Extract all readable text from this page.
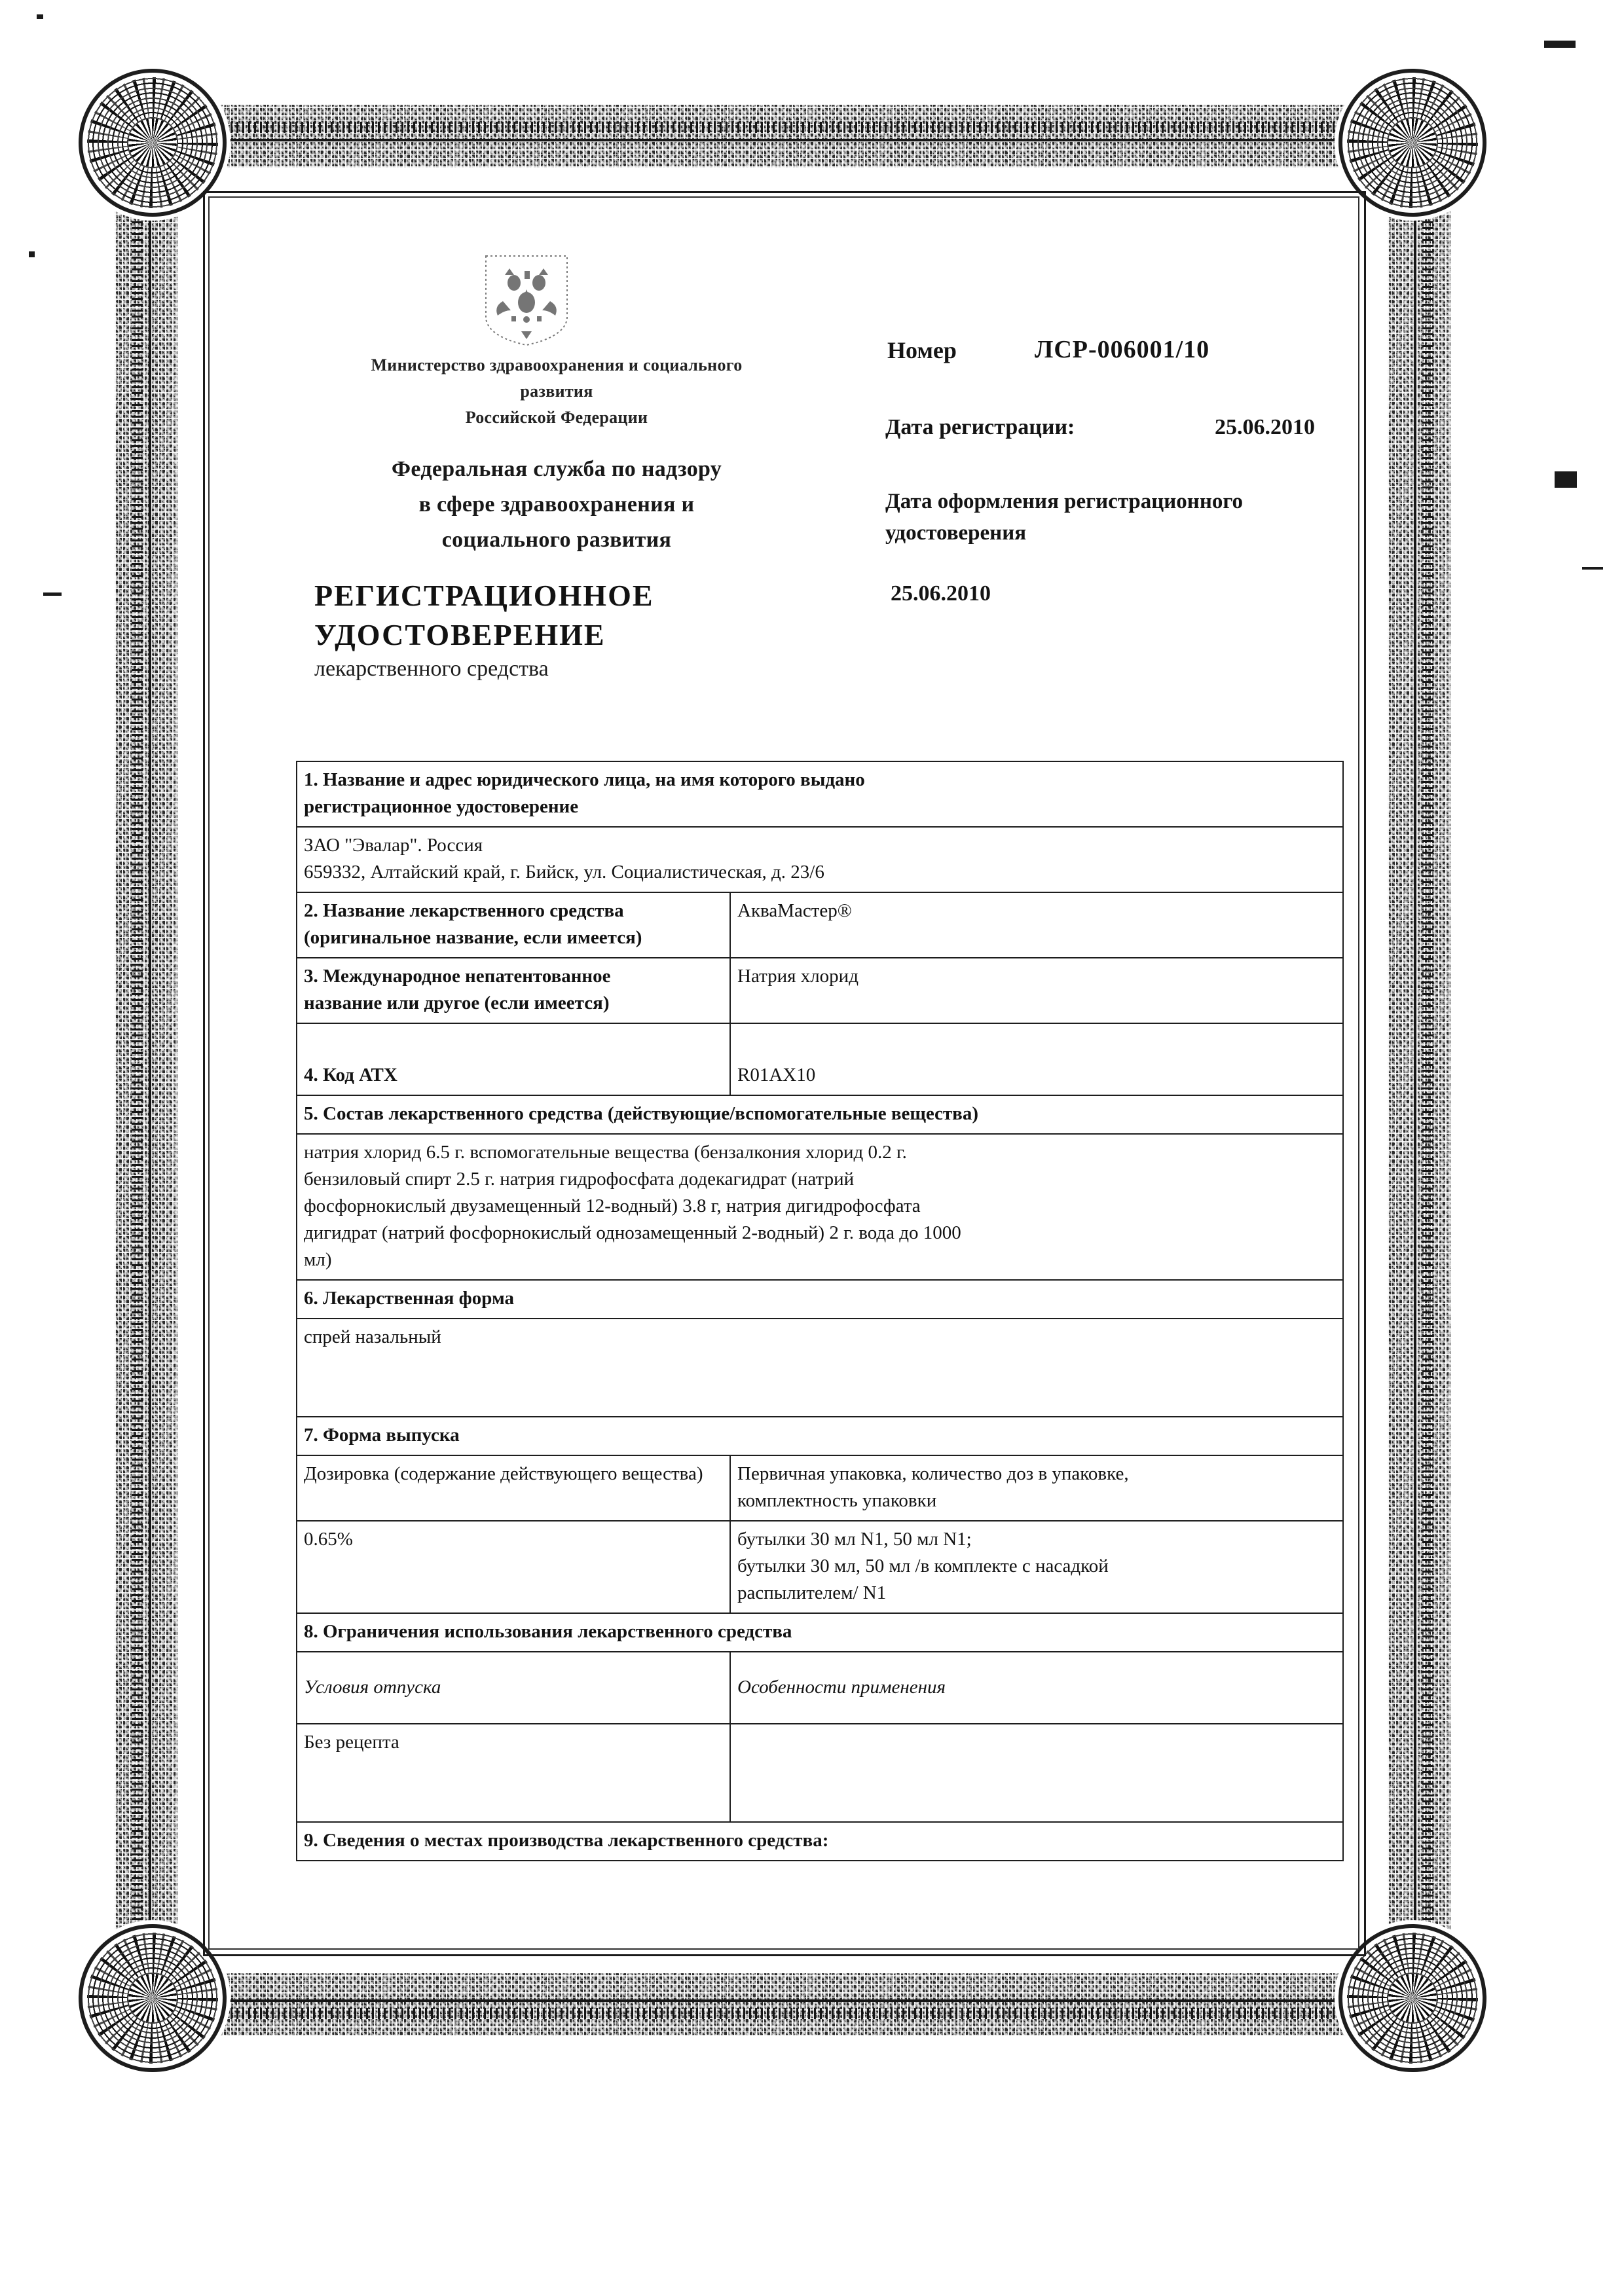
Министерство здравоохранения и социального
развития
Российской Федерации
Федеральная служба по надзору
в сфере здравоохранения и
социального развития
РЕГИСТРАЦИОННОЕ
УДОСТОВЕРЕНИЕ
лекарственного средства
Номер	ЛСР-006001/10
Дата регистрации:	25.06.2010
Дата оформления регистрационного
удостоверения
25.06.2010
1. Название и адрес юридического лица, на имя которого выдано
регистрационное удостоверение	
ЗАО "Эвалар". Россия
659332, Алтайский край, г. Бийск, ул. Социалистическая, д. 23/6	
2. Название лекарственного средства
(оригинальное название, если имеется)	АкваМастер®
3. Международное непатентованное
название или другое (если имеется)	Натрия хлорид
4. Код АТХ	R01AX10
5. Состав лекарственного средства (действующие/вспомогательные вещества)	
натрия хлорид 6.5 г. вспомогательные вещества (бензалкония хлорид 0.2 г.
бензиловый спирт 2.5 г. натрия гидрофосфата додекагидрат (натрий
фосфорнокислый двузамещенный 12-водный) 3.8 г, натрия дигидрофосфата
дигидрат (натрий фосфорнокислый однозамещенный 2-водный) 2 г. вода до 1000
мл)	
6. Лекарственная форма	
спрей назальный	
7. Форма выпуска	
Дозировка (содержание действующего вещества)	Первичная упаковка, количество доз в упаковке,
комплектность упаковки
0.65%	бутылки 30 мл N1, 50 мл N1;
бутылки 30 мл, 50 мл /в комплекте с насадкой
распылителем/ N1
8. Ограничения использования лекарственного средства	
Условия отпуска	Особенности применения
Без рецепта	
9. Сведения о местах производства лекарственного средства:	
